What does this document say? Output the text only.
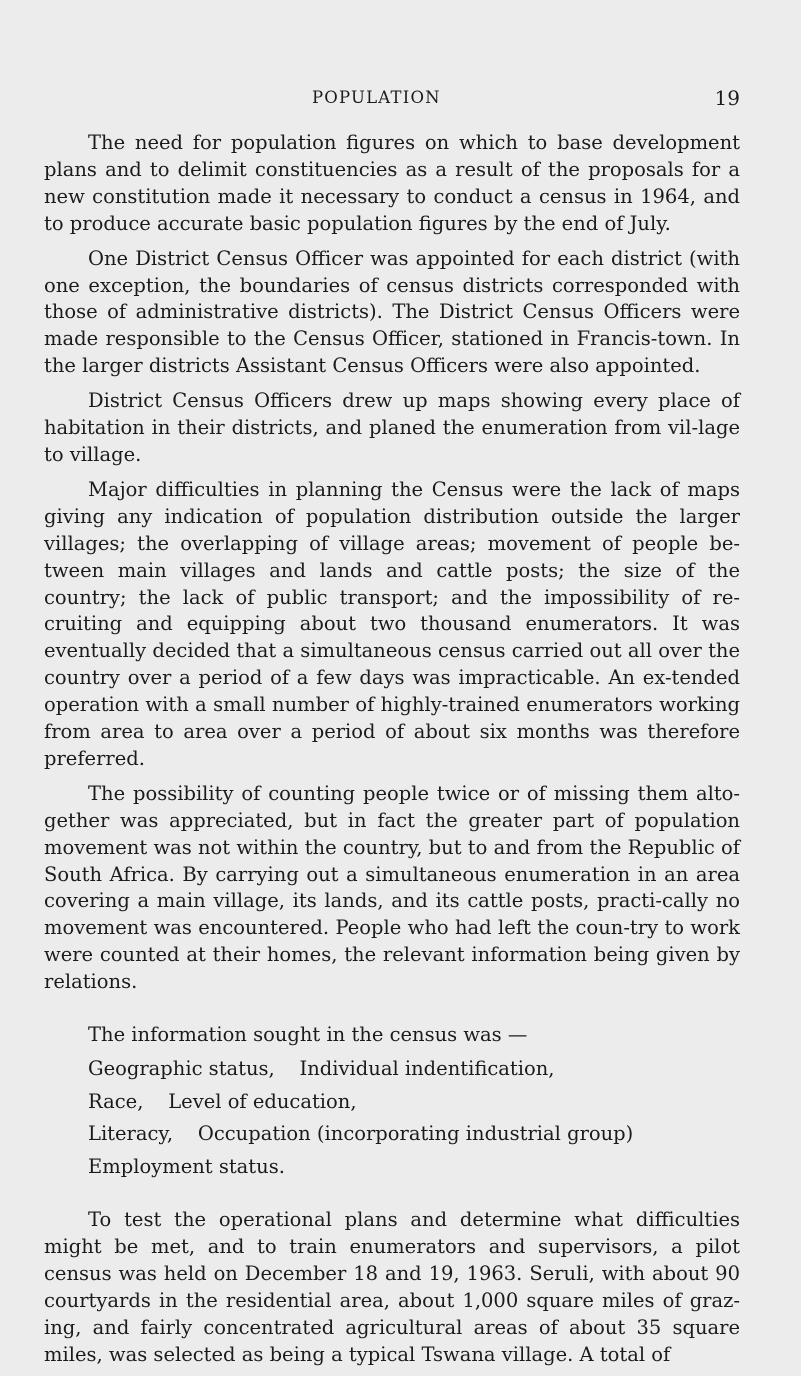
POPULATION	19

The need for population figures on which to base development plans and to delimit constituencies as a result of the proposals for a new constitution made it necessary to conduct a census in 1964, and to produce accurate basic population figures by the end of July.

One District Census Officer was appointed for each district (with one exception, the boundaries of census districts corresponded with those of administrative districts). The District Census Officers were made responsible to the Census Officer, stationed in Francis-town. In the larger districts Assistant Census Officers were also appointed.

District Census Officers drew up maps showing every place of habitation in their districts, and planed the enumeration from vil-lage to village.

Major difficulties in planning the Census were the lack of maps giving any indication of population distribution outside the larger villages; the overlapping of village areas; movement of people be-tween main villages and lands and cattle posts; the size of the country; the lack of public transport; and the impossibility of re-cruiting and equipping about two thousand enumerators. It was eventually decided that a simultaneous census carried out all over the country over a period of a few days was impracticable. An ex-tended operation with a small number of highly-trained enumerators working from area to area over a period of about six months was therefore preferred.

The possibility of counting people twice or of missing them alto-gether was appreciated, but in fact the greater part of population movement was not within the country, but to and from the Republic of South Africa. By carrying out a simultaneous enumeration in an area covering a main village, its lands, and its cattle posts, practi-cally no movement was encountered. People who had left the coun-try to work were counted at their homes, the relevant information being given by relations.

The information sought in the census was —

Geographic status,    Individual indentification,
Race,    Level of education,
Literacy,    Occupation (incorporating industrial group)
Employment status.

To test the operational plans and determine what difficulties might be met, and to train enumerators and supervisors, a pilot census was held on December 18 and 19, 1963. Seruli, with about 90 courtyards in the residential area, about 1,000 square miles of graz-ing, and fairly concentrated agricultural areas of about 35 square miles, was selected as being a typical Tswana village. A total of
